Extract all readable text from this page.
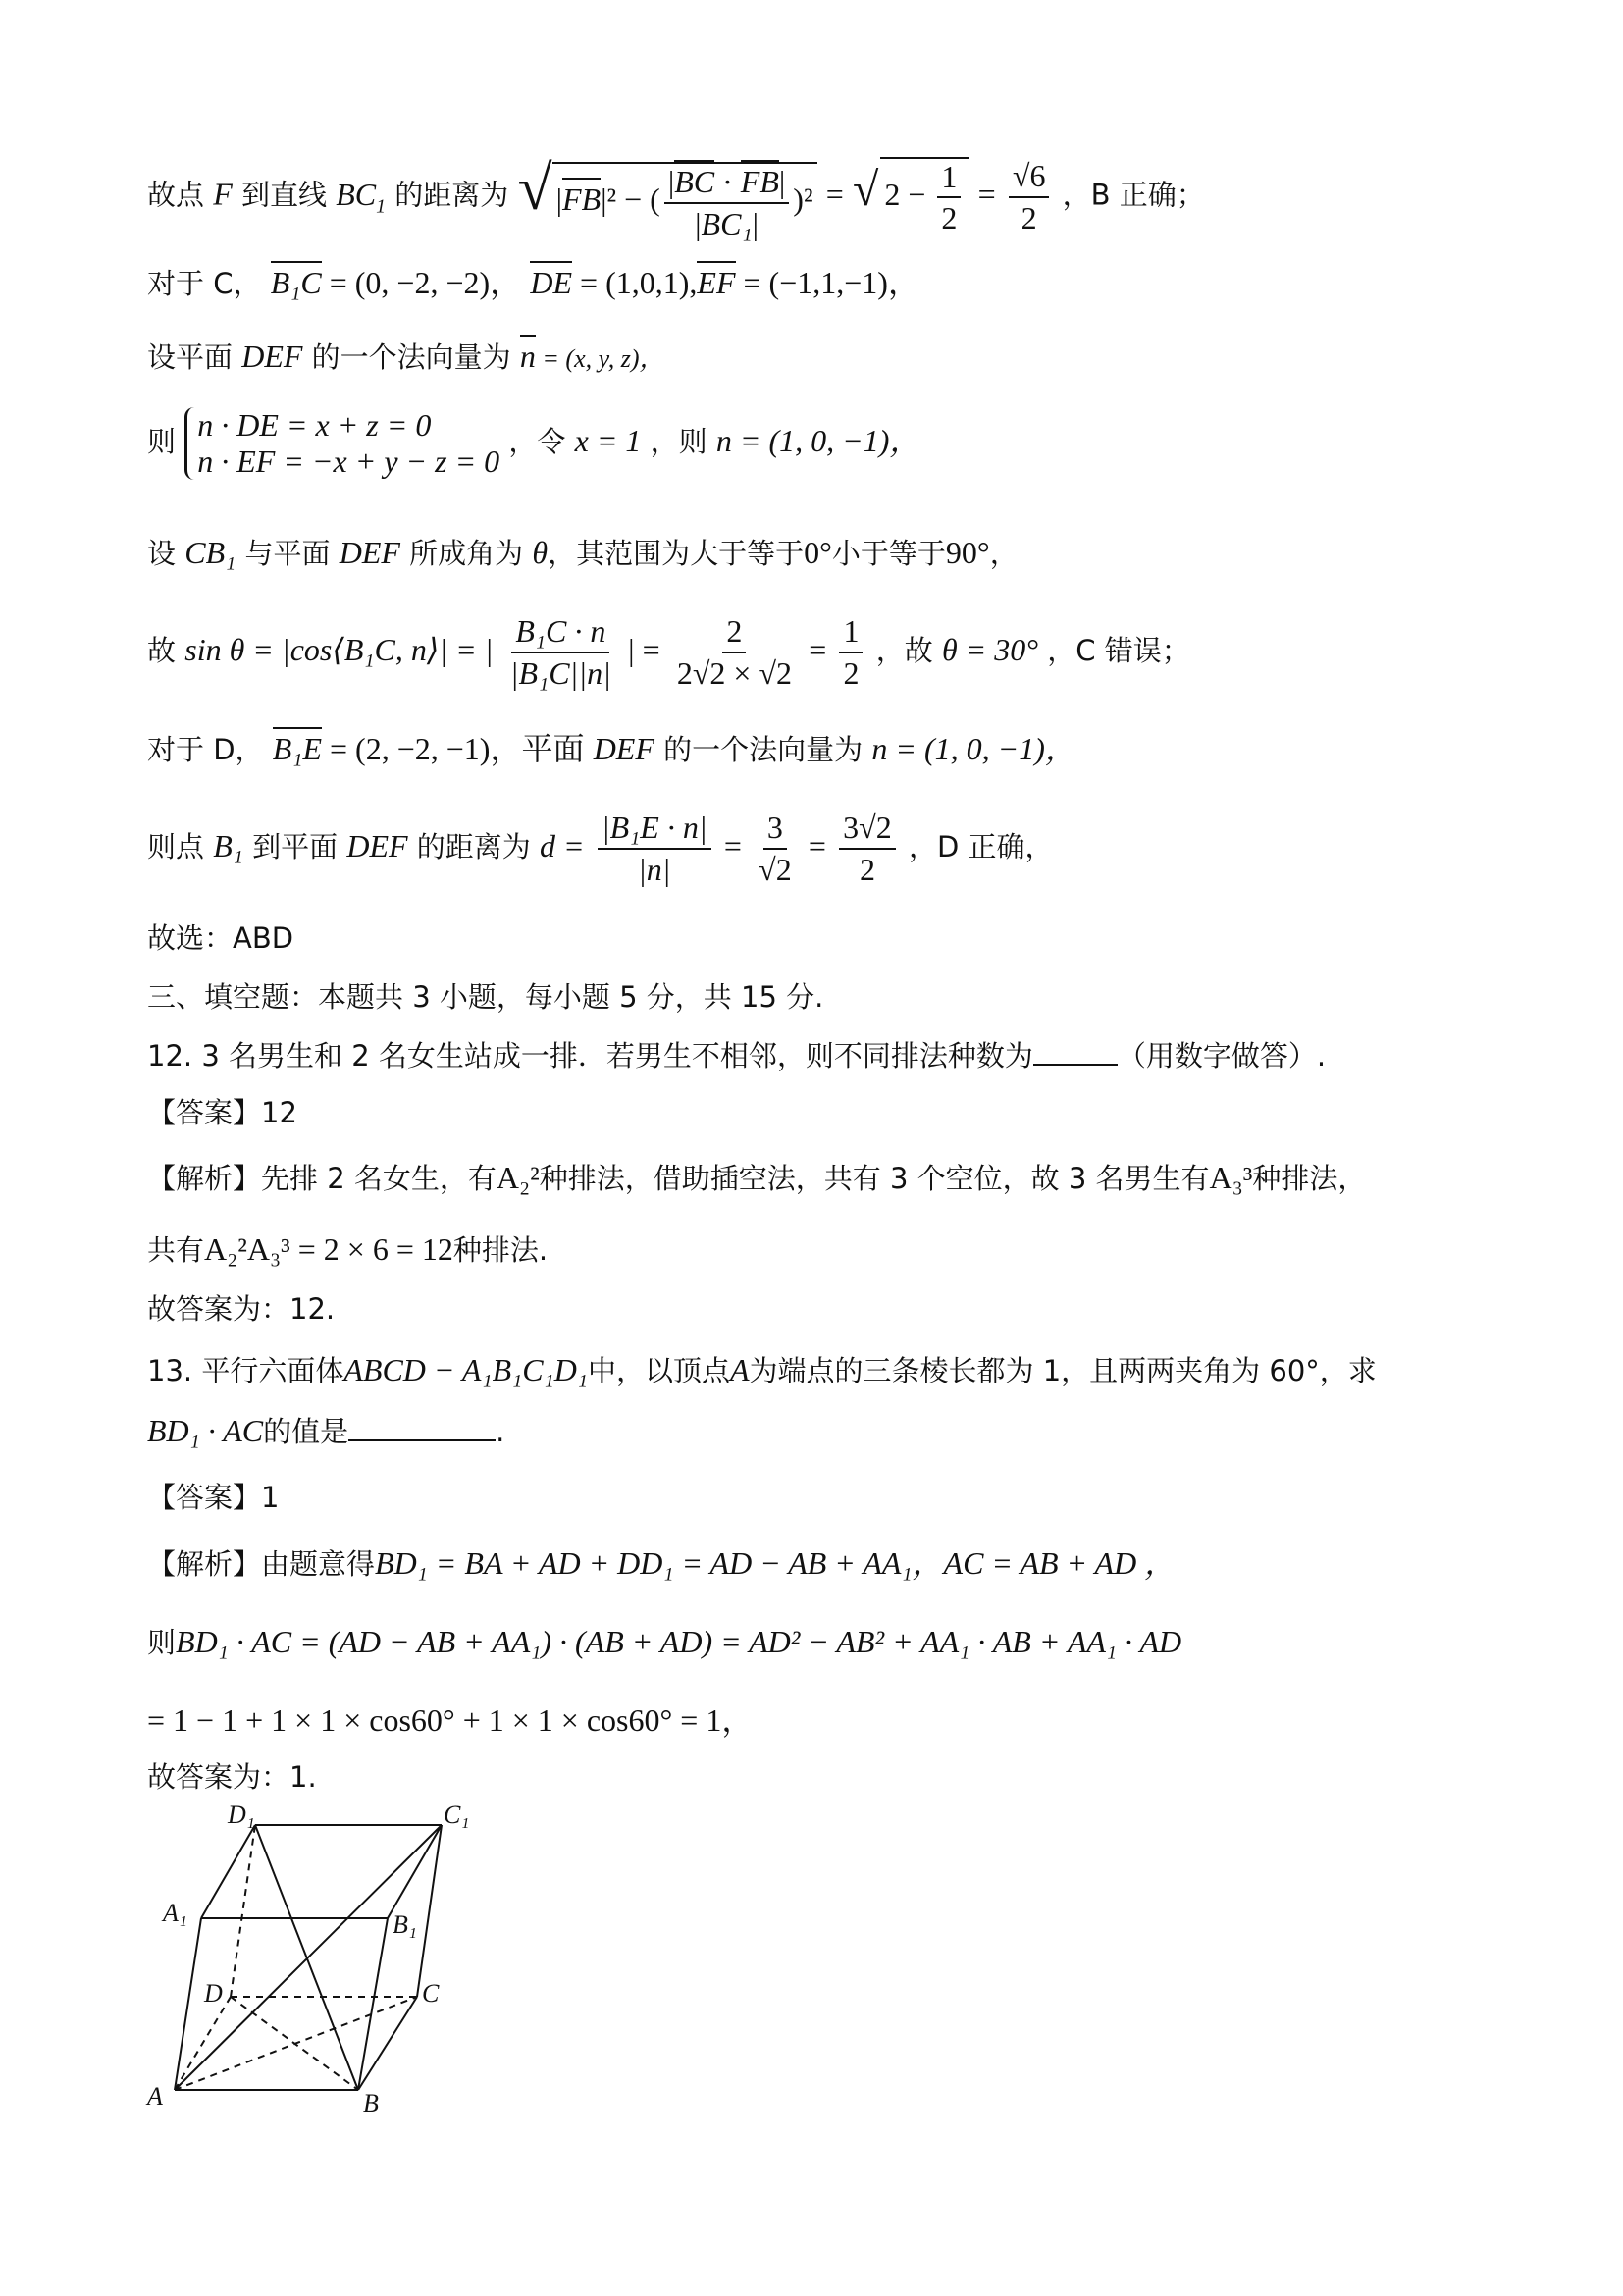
故点 F 到直线 $BC_1$ 的距离为 √|FB|² − ( $\frac{|BC \cdot FB|}{\text{|BC₁|}} )^2$ = √ $2 - \frac{1}{2} = \frac{√6}{2}$ ，B 正确；
对于 C， B₁C = (0, −2, −2)， DE = (1,0,1),EF = (−1,1,−1)，
设平面 DEF 的一个法向量为 n = (x, y, z)，
则 n · DE = x + z = 0
n · EF = −x + y − z = 0
，令 x = 1 ，则 n = (1, 0, −1)，
设 CB₁ 与平面 DEF 所成角为 θ，其范围为大于等于0°小于等于90°，
故 sin θ = |cos⟨B₁C, n⟩| = | $\frac{\text{B₁C · n}}{\text{|B₁C||n|}}$ | = $\frac{2}{2√2 \times √2} = \frac{1}{2}$ ，故 θ = 30° ，C 错误；
对于 D， B₁E = (2, −2, −1)，平面 DEF 的一个法向量为 n = (1, 0, −1)，
则点 B₁ 到平面 DEF 的距离为 $d = \frac{\text{|B₁E · n|}}{|n|} = \frac{3}{√2} = \frac{3√2}{2}$ ，D 正确，
故选：ABD
三、填空题：本题共 3 小题，每小题 5 分，共 15 分.
12. 3 名男生和 2 名女生站成一排．若男生不相邻，则不同排法种数为	（用数字做答）.
【答案】12
【解析】先排 2 名女生，有A₂²种排法，借助插空法，共有 3 个空位，故 3 名男生有A₃³种排法，
共有A₂²A₃³ = 2 × 6 = 12种排法.
故答案为：12.
13. 平行六面体ABCD − A₁B₁C₁D₁中，以顶点A为端点的三条棱长都为 1，且两两夹角为 60°，求
BD₁ · AC的值是	.
【答案】1
【解析】由题意得BD₁ = BA + AD + DD₁ = AD − AB + AA₁，AC = AB + AD ，
则BD₁ · AC = (AD − AB + AA₁) · (AB + AD) = AD² − AB² + AA₁ · AB + AA₁ · AD
= 1 − 1 + 1 × 1 × cos60° + 1 × 1 × cos60° = 1，
故答案为：1.
D₁	C₁
A₁	B₁
D	C
A	B
